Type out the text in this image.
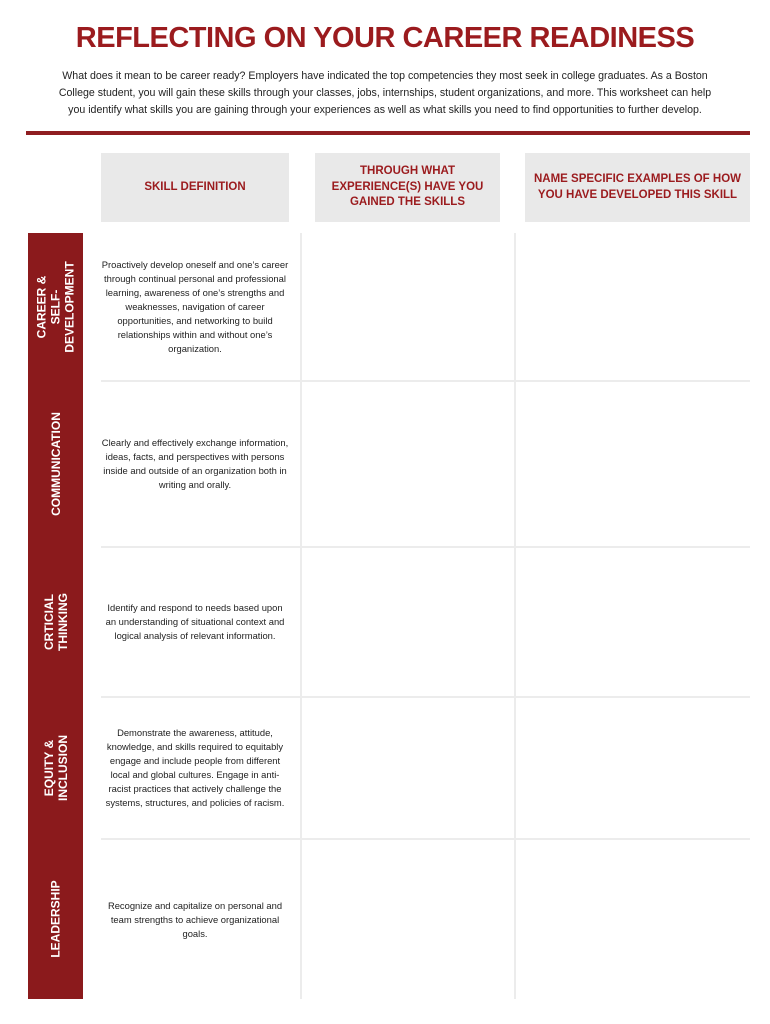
REFLECTING ON YOUR CAREER READINESS

What does it mean to be career ready? Employers have indicated the top competencies they most seek in college graduates. As a Boston College student, you will gain these skills through your classes, jobs, internships, student organizations, and more. This worksheet can help you identify what skills you are gaining through your experiences as well as what skills you need to find opportunities to further develop.

SKILL DEFINITION
THROUGH WHAT EXPERIENCE(S) HAVE YOU GAINED THE SKILLS
NAME SPECIFIC EXAMPLES OF HOW YOU HAVE DEVELOPED THIS SKILL
CAREER & SELF-DEVELOPMENT
COMMUNICATION
CRTICIAL THINKING
EQUITY & INCLUSION
LEADERSHIP

Proactively develop oneself and one’s career through continual personal and professional learning, awareness of one’s strengths and weaknesses, navigation of career opportunities, and networking to build relationships within and without one’s organization.

Clearly and effectively exchange information, ideas, facts, and perspectives with persons inside and outside of an organization both in writing and orally.

Identify and respond to needs based upon an understanding of situational context and logical analysis of relevant information.

Demonstrate the awareness, attitude, knowledge, and skills required to equitably engage and include people from different local and global cultures. Engage in anti-racist practices that actively challenge the systems, structures, and policies of racism.

Recognize and capitalize on personal and team strengths to achieve organizational goals.
